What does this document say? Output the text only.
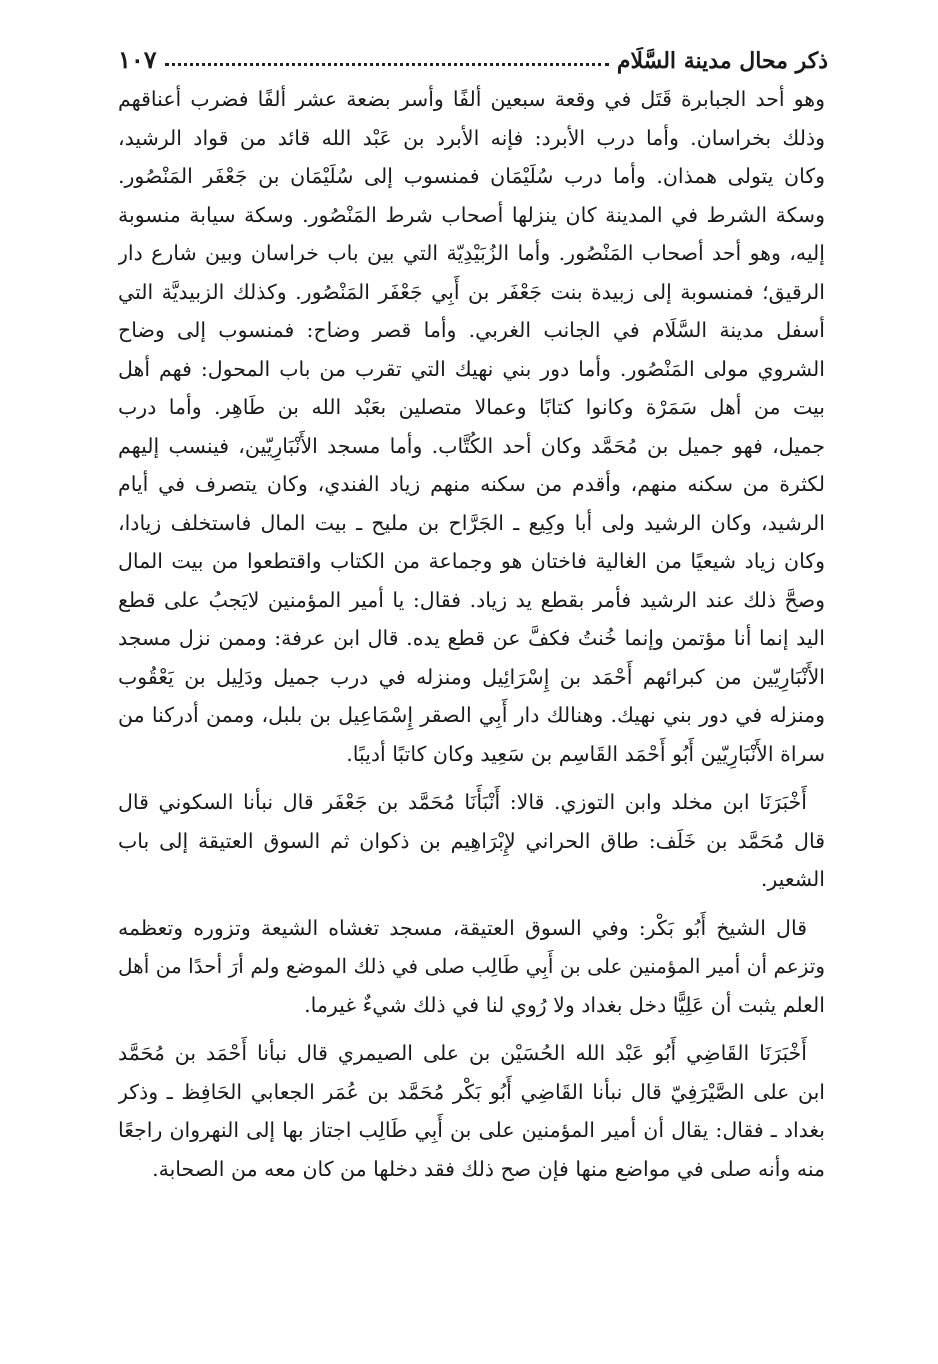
١٠٧	ذكر محال مدينة السَّلَام
وهو أحد الجبابرة قَتَل في وقعة سبعين ألفًا وأسر بضعة عشر ألفًا فضرب أعناقهم
وذلك بخراسان. وأما درب الأبرد: فإنه الأبرد بن عَبْد الله قائد من قواد الرشيد،
وكان يتولى همذان. وأما درب سُلَيْمَان فمنسوب إلى سُلَيْمَان بن جَعْفَر المَنْصُور.
وسكة الشرط في المدينة كان ينزلها أصحاب شرط المَنْصُور. وسكة سيابة منسوبة
إليه، وهو أحد أصحاب المَنْصُور. وأما الزُبَيْدِيّة التي بين باب خراسان وبين شارع دار
الرقيق؛ فمنسوبة إلى زبيدة بنت جَعْفَر بن أَبِي جَعْفَر المَنْصُور. وكذلك الزبيديَّة التي
أسفل مدينة السَّلَام في الجانب الغربي. وأما قصر وضاح: فمنسوب إلى وضاح
الشروي مولى المَنْصُور. وأما دور بني نهيك التي تقرب من باب المحول: فهم أهل
بيت من أهل سَمَرْة وكانوا كتابًا وعمالا متصلين بعَبْد الله بن طَاهِر. وأما درب
جميل، فهو جميل بن مُحَمَّد وكان أحد الكُتَّاب. وأما مسجد الأَنْبَارِيّين، فينسب إليهم
لكثرة من سكنه منهم، وأقدم من سكنه منهم زياد الفندي، وكان يتصرف في أيام
الرشيد، وكان الرشيد ولى أبا وكِيع ـ الجَرَّاح بن مليح ـ بيت المال فاستخلف زيادا،
وكان زياد شيعيًا من الغالية فاختان هو وجماعة من الكتاب واقتطعوا من بيت المال
وصحَّ ذلك عند الرشيد فأمر بقطع يد زياد. فقال: يا أمير المؤمنين لايَجبُ على قطع
اليد إنما أنا مؤتمن وإنما خُنتُ فكفَّ عن قطع يده. قال ابن عرفة: وممن نزل مسجد
الأَنْبَارِيّين من كبرائهم أَحْمَد بن إِسْرَائِيل ومنزله في درب جميل ودَلِيل بن يَعْقُوب
ومنزله في دور بني نهيك. وهنالك دار أَبِي الصقر إِسْمَاعِيل بن بلبل، وممن أدركنا من
سراة الأَنْبَارِيّين أَبُو أَحْمَد القَاسِم بن سَعِيد وكان كاتبًا أديبًا.
أَخْبَرَنَا ابن مخلد وابن التوزي. قالا: أَنْبَأَنَا مُحَمَّد بن جَعْفَر قال نبأنا السكوني قال
قال مُحَمَّد بن خَلَف: طاق الحراني لإِبْرَاهِيم بن ذكوان ثم السوق العتيقة إلى باب
الشعير.
قال الشيخ أَبُو بَكْر: وفي السوق العتيقة، مسجد تغشاه الشيعة وتزوره وتعظمه
وتزعم أن أمير المؤمنين على بن أَبِي طَالِب صلى في ذلك الموضع ولم أرَ أحدًا من أهل
العلم يثبت أن عَلِيًّا دخل بغداد ولا رُوي لنا في ذلك شيءٌ غيرما.
أَخْبَرَنَا القَاضِي أَبُو عَبْد الله الحُسَيْن بن على الصيمري قال نبأنا أَحْمَد بن مُحَمَّد
ابن على الصَّيْرَفِيّ قال نبأنا القَاضِي أَبُو بَكْر مُحَمَّد بن عُمَر الجعابي الحَافِظ ـ وذكر
بغداد ـ فقال: يقال أن أمير المؤمنين على بن أَبِي طَالِب اجتاز بها إلى النهروان راجعًا
منه وأنه صلى في مواضع منها فإن صح ذلك فقد دخلها من كان معه من الصحابة.
